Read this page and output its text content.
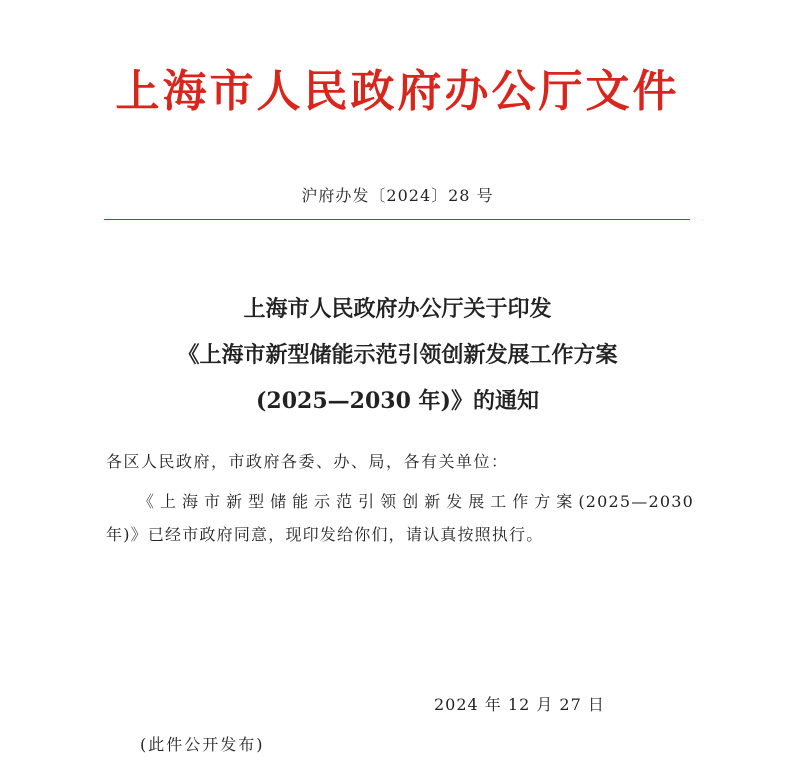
上海市人民政府办公厅文件
沪府办发〔2024〕28 号
上海市人民政府办公厅关于印发
《上海市新型储能示范引领创新发展工作方案
(2025—2030 年)》的通知
各区人民政府，市政府各委、办、局，各有关单位：
《上海市新型储能示范引领创新发展工作方案(2025—2030
年)》已经市政府同意，现印发给你们，请认真按照执行。
2024 年 12 月 27 日
(此件公开发布)
